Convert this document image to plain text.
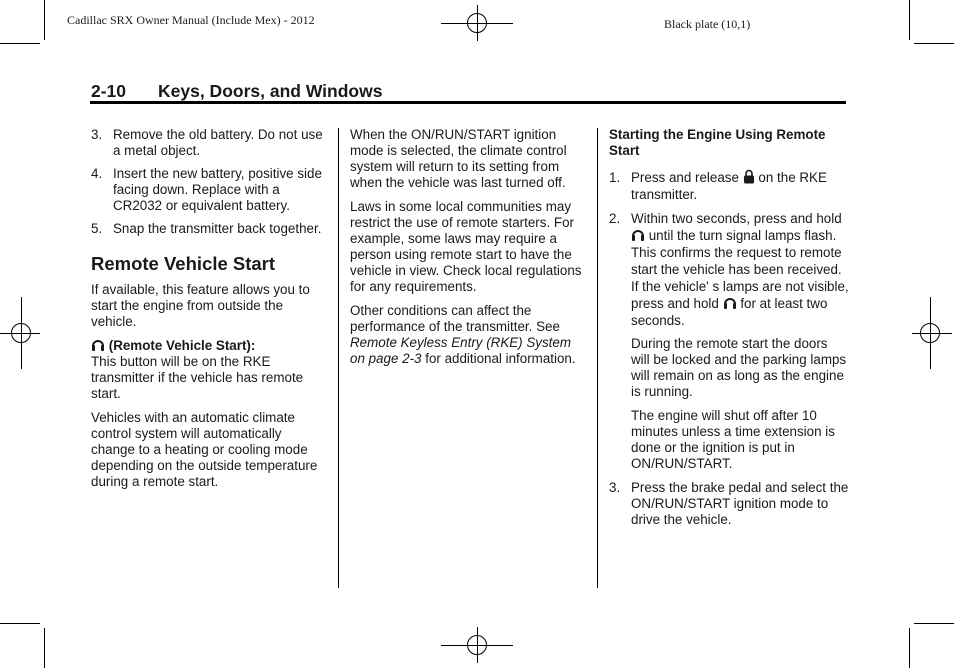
Cadillac SRX Owner Manual (Include Mex) - 2012	Black plate (10,1)
2-10 Keys, Doors, and Windows
3. Remove the old battery. Do not use a metal object.
4. Insert the new battery, positive side facing down. Replace with a CR2032 or equivalent battery.
5. Snap the transmitter back together.
Remote Vehicle Start

If available, this feature allows you to start the engine from outside the vehicle.

(Remote Vehicle Start):
This button will be on the RKE transmitter if the vehicle has remote start.

Vehicles with an automatic climate control system will automatically change to a heating or cooling mode depending on the outside temperature during a remote start.

When the ON/RUN/START ignition mode is selected, the climate control system will return to its setting from when the vehicle was last turned off.

Laws in some local communities may restrict the use of remote starters. For example, some laws may require a person using remote start to have the vehicle in view. Check local regulations for any requirements.

Other conditions can affect the performance of the transmitter. See Remote Keyless Entry (RKE) System on page 2-3 for additional information.

Starting the Engine Using Remote Start

1. Press and release on the RKE transmitter.
2. Within two seconds, press and hold  until the turn signal lamps flash. This confirms the request to remote start the vehicle has been received. If the vehicle' s lamps are not visible, press and hold for at least two seconds.

During the remote start the doors will be locked and the parking lamps will remain on as long as the engine is running.

The engine will shut off after 10 minutes unless a time extension is done or the ignition is put in ON/RUN/START.

3. Press the brake pedal and select the ON/RUN/START ignition mode to drive the vehicle.
